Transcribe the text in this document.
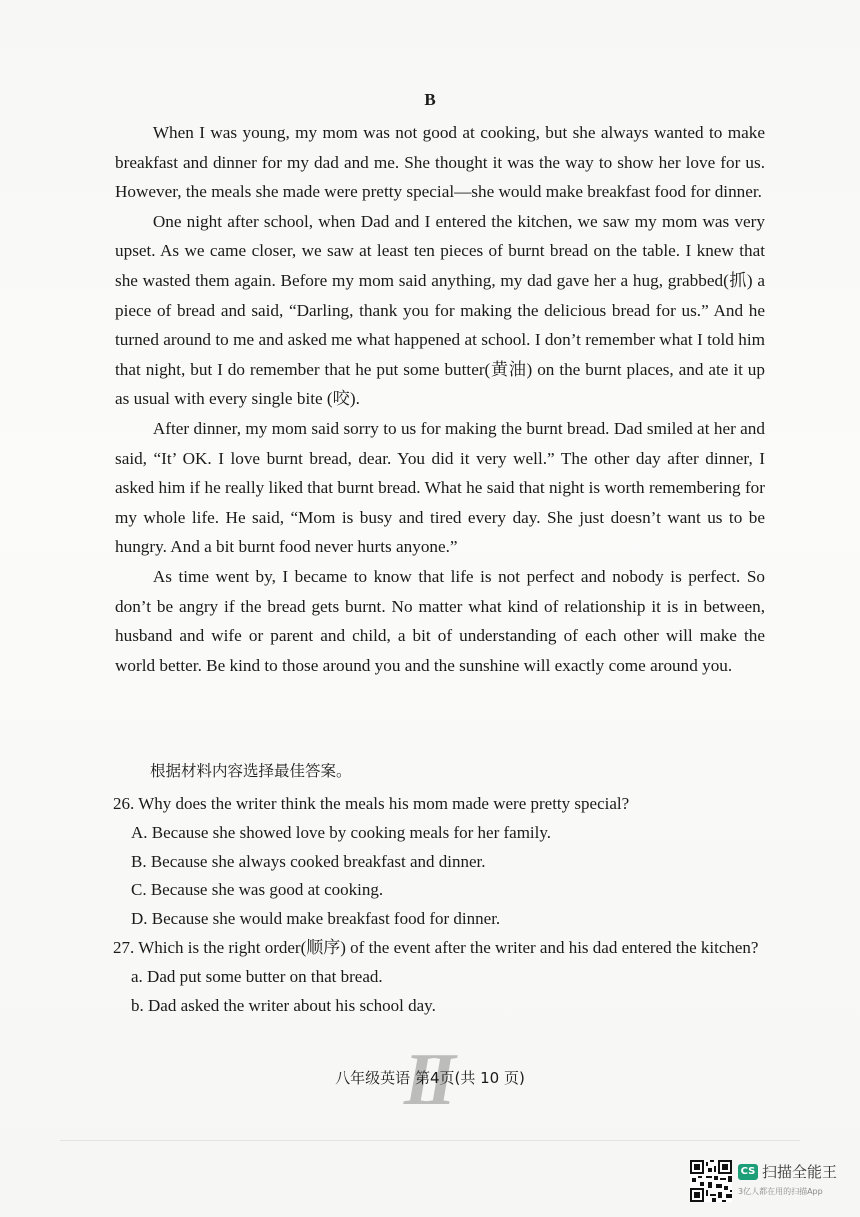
B

When I was young, my mom was not good at cooking, but she always wanted to make breakfast and dinner for my dad and me. She thought it was the way to show her love for us. However, the meals she made were pretty special—she would make breakfast food for dinner.

One night after school, when Dad and I entered the kitchen, we saw my mom was very upset. As we came closer, we saw at least ten pieces of burnt bread on the table. I knew that she wasted them again. Before my mom said anything, my dad gave her a hug, grabbed(抓) a piece of bread and said, “Darling, thank you for making the delicious bread for us.” And he turned around to me and asked me what happened at school. I don’t remember what I told him that night, but I do remember that he put some butter(黄油) on the burnt places, and ate it up as usual with every single bite (咬).

After dinner, my mom said sorry to us for making the burnt bread. Dad smiled at her and said, “It’ OK. I love burnt bread, dear. You did it very well.” The other day after dinner, I asked him if he really liked that burnt bread. What he said that night is worth remembering for my whole life. He said, “Mom is busy and tired every day. She just doesn’t want us to be hungry. And a bit burnt food never hurts anyone.”

As time went by, I became to know that life is not perfect and nobody is perfect. So don’t be angry if the bread gets burnt. No matter what kind of relationship it is in between, husband and wife or parent and child, a bit of understanding of each other will make the world better. Be kind to those around you and the sunshine will exactly come around you.

根据材料内容选择最佳答案。

26. Why does the writer think the meals his mom made were pretty special?

A. Because she showed love by cooking meals for her family.

B. Because she always cooked breakfast and dinner.

C. Because she was good at cooking.

D. Because she would make breakfast food for dinner.

27. Which is the right order(顺序) of the event after the writer and his dad entered the kitchen?

a. Dad put some butter on that bread.

b. Dad asked the writer about his school day.

II
八年级英语 第4页(共 10 页)
CS 扫描全能王
3亿人都在用的扫描App
